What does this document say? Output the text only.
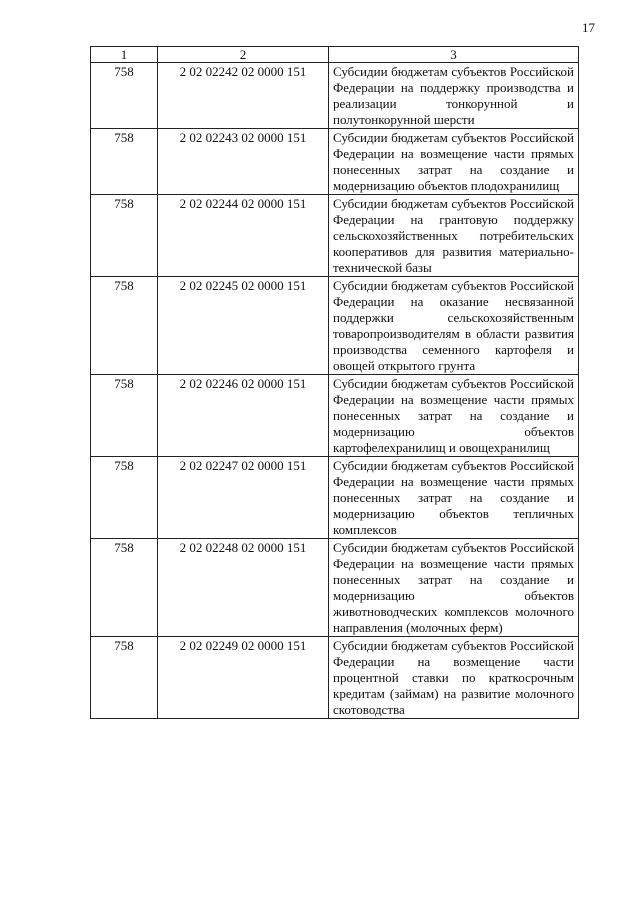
17
1	2	3
758	2 02 02242 02 0000 151	Субсидии бюджетам субъектов Российской Федерации на поддержку производства и реализации тонкорунной и полутонкорунной шерсти
758	2 02 02243 02 0000 151	Субсидии бюджетам субъектов Российской Федерации на возмещение части прямых понесенных затрат на создание и модернизацию объектов плодохранилищ
758	2 02 02244 02 0000 151	Субсидии бюджетам субъектов Российской Федерации на грантовую поддержку сельскохозяйственных потребительских кооперативов для развития материально-технической базы
758	2 02 02245 02 0000 151	Субсидии бюджетам субъектов Российской Федерации на оказание несвязанной поддержки сельскохозяйственным товаропроизводителям в области развития производства семенного картофеля и овощей открытого грунта
758	2 02 02246 02 0000 151	Субсидии бюджетам субъектов Российской Федерации на возмещение части прямых понесенных затрат на создание и модернизацию объектов картофелехранилищ и овощехранилищ
758	2 02 02247 02 0000 151	Субсидии бюджетам субъектов Российской Федерации на возмещение части прямых понесенных затрат на создание и модернизацию объектов тепличных комплексов
758	2 02 02248 02 0000 151	Субсидии бюджетам субъектов Российской Федерации на возмещение части прямых понесенных затрат на создание и модернизацию объектов животноводческих комплексов молочного направления (молочных ферм)
758	2 02 02249 02 0000 151	Субсидии бюджетам субъектов Российской Федерации на возмещение части процентной ставки по краткосрочным кредитам (займам) на развитие молочного скотоводства
